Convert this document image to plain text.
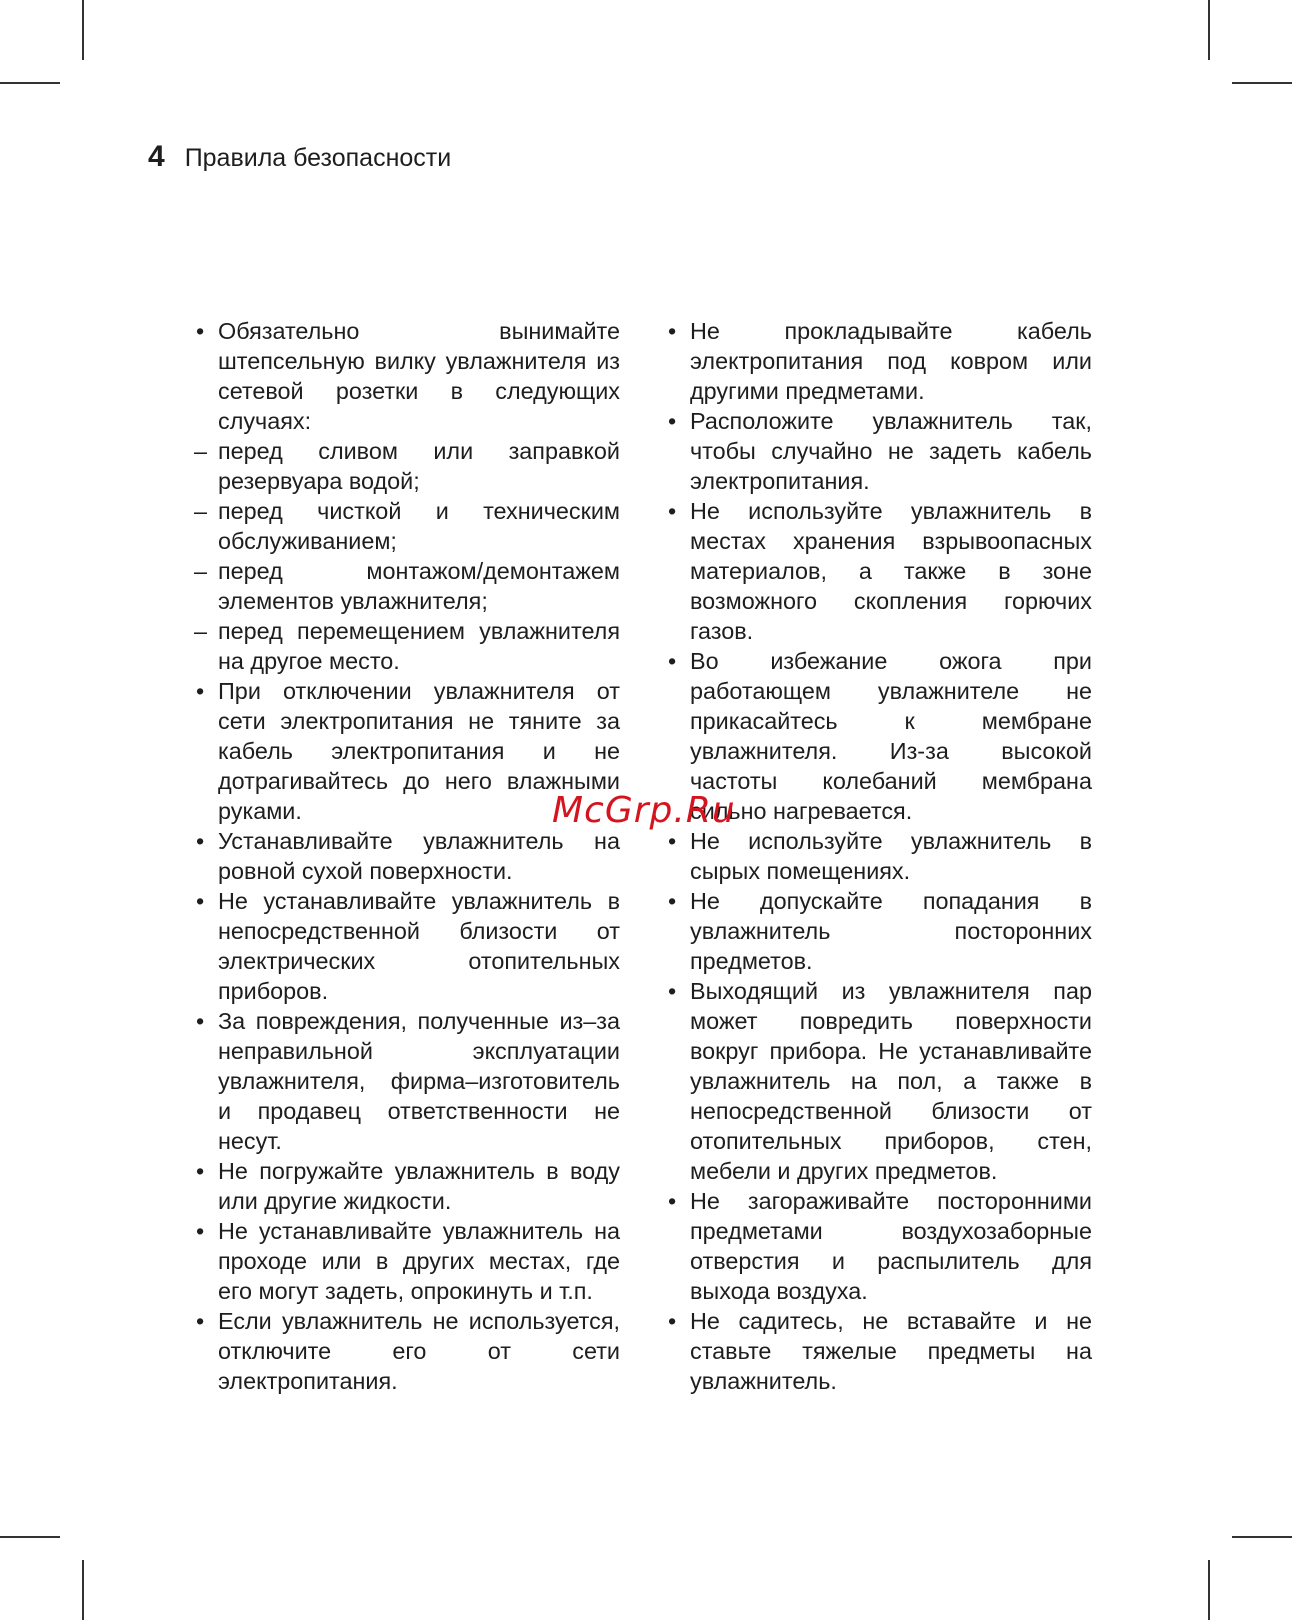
4 Правила безопасности
• Обязательно вынимайте штепсельную вилку увлажнителя из сетевой розетки в следующих случаях:
– перед сливом или заправкой резервуара водой;
– перед чисткой и техническим обслуживанием;
– перед монтажом/демонтажем элементов увлажнителя;
– перед перемещением увлажнителя на другое место.
• При отключении увлажнителя от сети электропитания не тяните за кабель электропитания и не дотрагивайтесь до него влажными руками.
• Устанавливайте увлажнитель на ровной сухой поверхности.
• Не устанавливайте увлажнитель в непосредственной близости от электрических отопительных приборов.
• За повреждения, полученные из–за неправильной эксплуатации увлажнителя, фирма–изготовитель и продавец ответственности не несут.
• Не погружайте увлажнитель в воду или другие жидкости.
• Не устанавливайте увлажнитель на проходе или в других местах, где его могут задеть, опрокинуть и т.п.
• Если увлажнитель не используется, отключите его от сети электропитания.
• Не прокладывайте кабель электропитания под ковром или другими предметами.
• Расположите увлажнитель так, чтобы случайно не задеть кабель электропитания.
• Не используйте увлажнитель в местах хранения взрывоопасных материалов, а также в зоне возможного скопления горючих газов.
• Во избежание ожога при работающем увлажнителе не прикасайтесь к мембране увлажнителя. Из-за высокой частоты колебаний мембрана сильно нагревается.
• Не используйте увлажнитель в сырых помещениях.
• Не допускайте попадания в увлажнитель посторонних предметов.
• Выходящий из увлажнителя пар может повредить поверхности вокруг прибора. Не устанавливайте увлажнитель на пол, а также в непосредственной близости от отопительных приборов, стен, мебели и других предметов.
• Не загораживайте посторонними предметами воздухозаборные отверстия и распылитель для выхода воздуха.
• Не садитесь, не вставайте и не ставьте тяжелые предметы на увлажнитель.
McGrp.Ru
